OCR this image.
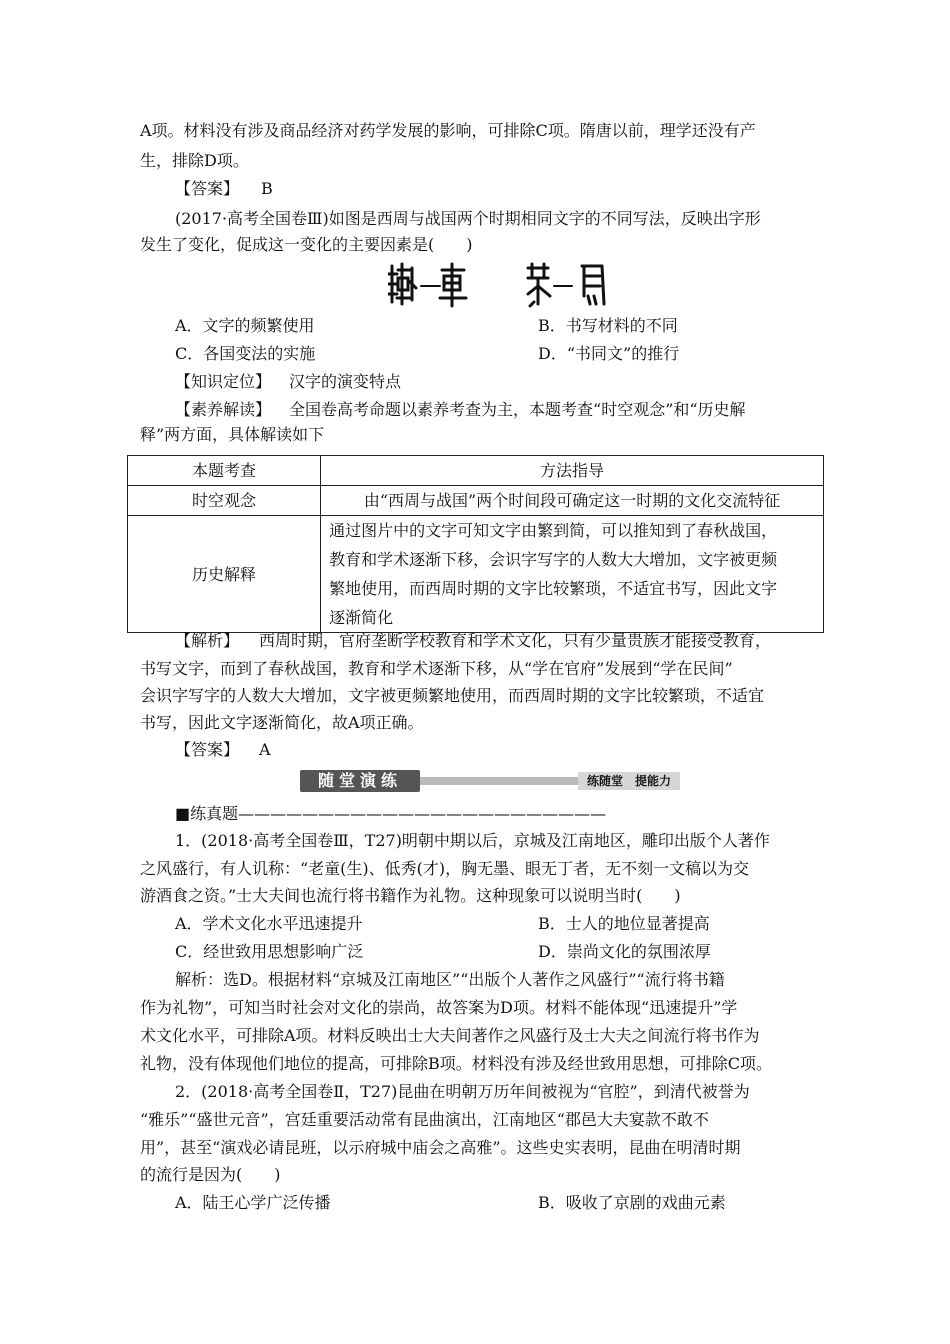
A项。材料没有涉及商品经济对药学发展的影响，可排除C项。隋唐以前，理学还没有产
生，排除D项。
【答案】 B
(2017·高考全国卷Ⅲ)如图是西周与战国两个时期相同文字的不同写法，反映出字形
发生了变化，促成这一变化的主要因素是(　　)
A．文字的频繁使用	B．书写材料的不同
C．各国变法的实施	D．“书同文”的推行
【知识定位】 汉字的演变特点
【素养解读】 全国卷高考命题以素养考查为主，本题考查“时空观念”和“历史解
释”两方面，具体解读如下
本题考查	方法指导
时空观念	由“西周与战国”两个时间段可确定这一时期的文化交流特征
历史解释	通过图片中的文字可知文字由繁到简，可以推知到了春秋战国，
教育和学术逐渐下移，会识字写字的人数大大增加，文字被更频
繁地使用，而西周时期的文字比较繁琐，不适宜书写，因此文字
逐渐简化
【解析】 西周时期，官府垄断学校教育和学术文化，只有少量贵族才能接受教育，
书写文字，而到了春秋战国，教育和学术逐渐下移，从“学在官府”发展到“学在民间”
会识字写字的人数大大增加，文字被更频繁地使用，而西周时期的文字比较繁琐，不适宜
书写，因此文字逐渐简化，故A项正确。
【答案】 A
随堂演练	练随堂　提能力
■练真题———————————————————————
1．(2018·高考全国卷Ⅲ，T27)明朝中期以后，京城及江南地区，雕印出版个人著作
之风盛行，有人讥称：“老童(生)、低秀(才)，胸无墨、眼无丁者，无不刻一文稿以为交
游酒食之资。”士大夫间也流行将书籍作为礼物。这种现象可以说明当时(　　)
A．学术文化水平迅速提升	B．士人的地位显著提高
C．经世致用思想影响广泛	D．崇尚文化的氛围浓厚
解析：选D。根据材料“京城及江南地区”“出版个人著作之风盛行”“流行将书籍
作为礼物”，可知当时社会对文化的崇尚，故答案为D项。材料不能体现“迅速提升”学
术文化水平，可排除A项。材料反映出士大夫间著作之风盛行及士大夫之间流行将书作为
礼物，没有体现他们地位的提高，可排除B项。材料没有涉及经世致用思想，可排除C项。
2．(2018·高考全国卷Ⅱ，T27)昆曲在明朝万历年间被视为“官腔”，到清代被誉为
“雅乐”“盛世元音”，宫廷重要活动常有昆曲演出，江南地区“郡邑大夫宴款不敢不
用”，甚至“演戏必请昆班，以示府城中庙会之高雅”。这些史实表明，昆曲在明清时期
的流行是因为(　　)
A．陆王心学广泛传播	B．吸收了京剧的戏曲元素
